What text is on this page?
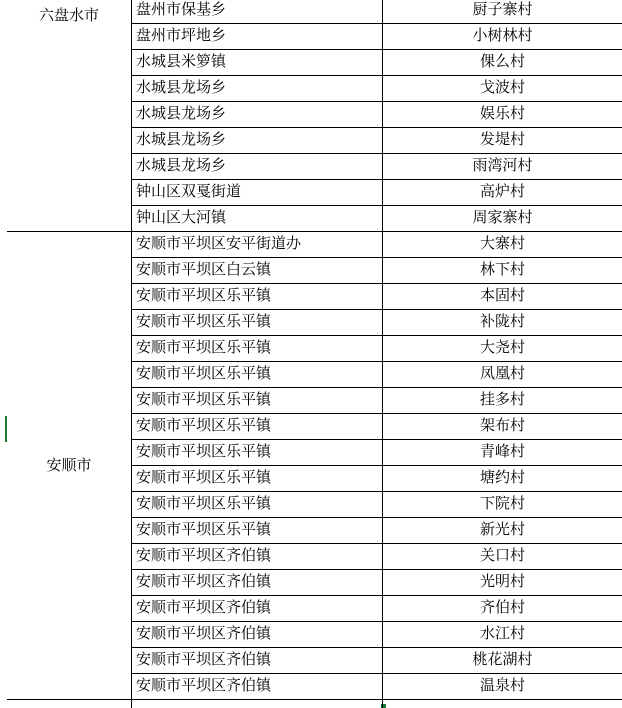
六盘水市	盘州市保基乡	厨子寨村
盘州市坪地乡	小树林村
水城县米箩镇	倮么村
水城县龙场乡	戈波村
水城县龙场乡	娱乐村
水城县龙场乡	发堤村
水城县龙场乡	雨湾河村
钟山区双戛街道	高炉村
钟山区大河镇	周家寨村
安顺市
安顺市平坝区安平街道办	大寨村
安顺市平坝区白云镇	林下村
安顺市平坝区乐平镇	本固村
安顺市平坝区乐平镇	补陇村
安顺市平坝区乐平镇	大尧村
安顺市平坝区乐平镇	凤凰村
安顺市平坝区乐平镇	挂多村
安顺市平坝区乐平镇	架布村
安顺市平坝区乐平镇	青峰村
安顺市平坝区乐平镇	塘约村
安顺市平坝区乐平镇	下院村
安顺市平坝区乐平镇	新光村
安顺市平坝区齐伯镇	关口村
安顺市平坝区齐伯镇	光明村
安顺市平坝区齐伯镇	齐伯村
安顺市平坝区齐伯镇	水江村
安顺市平坝区齐伯镇	桃花湖村
安顺市平坝区齐伯镇	温泉村
